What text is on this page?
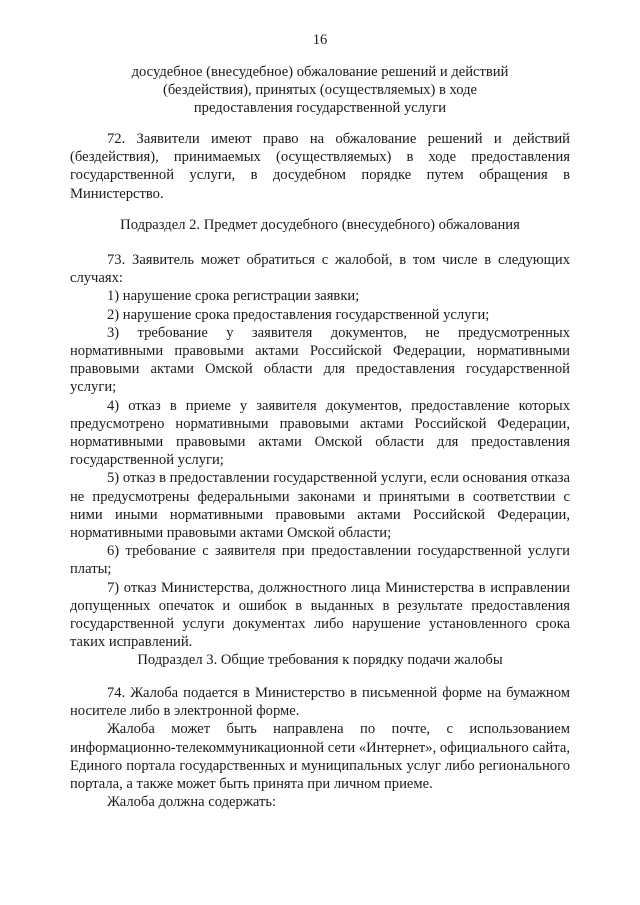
16
досудебное (внесудебное) обжалование решений и действий
(бездействия), принятых (осуществляемых) в ходе
предоставления государственной услуги

72. Заявители имеют право на обжалование решений и действий (бездействия), принимаемых (осуществляемых) в ходе предоставления государственной услуги, в досудебном порядке путем обращения в Министерство.

Подраздел 2. Предмет досудебного (внесудебного) обжалования

73. Заявитель может обратиться с жалобой, в том числе в следующих случаях:

1) нарушение срока регистрации заявки;

2) нарушение срока предоставления государственной услуги;

3) требование у заявителя документов, не предусмотренных нормативными правовыми актами Российской Федерации, нормативными правовыми актами Омской области для предоставления государственной услуги;

4) отказ в приеме у заявителя документов, предоставление которых предусмотрено нормативными правовыми актами Российской Федерации, нормативными правовыми актами Омской области для предоставления государственной услуги;

5) отказ в предоставлении государственной услуги, если основания отказа не предусмотрены федеральными законами и принятыми в соответствии с ними иными нормативными правовыми актами Российской Федерации, нормативными правовыми актами Омской области;

6) требование с заявителя при предоставлении государственной услуги платы;

7) отказ Министерства, должностного лица Министерства в исправлении допущенных опечаток и ошибок в выданных в результате предоставления государственной услуги документах либо нарушение установленного срока таких исправлений.

Подраздел 3. Общие требования к порядку подачи жалобы

74. Жалоба подается в Министерство в письменной форме на бумажном носителе либо в электронной форме.

Жалоба может быть направлена по почте, с использованием информационно-телекоммуникационной сети «Интернет», официального сайта, Единого портала государственных и муниципальных услуг либо регионального портала, а также может быть принята при личном приеме.

Жалоба должна содержать:
